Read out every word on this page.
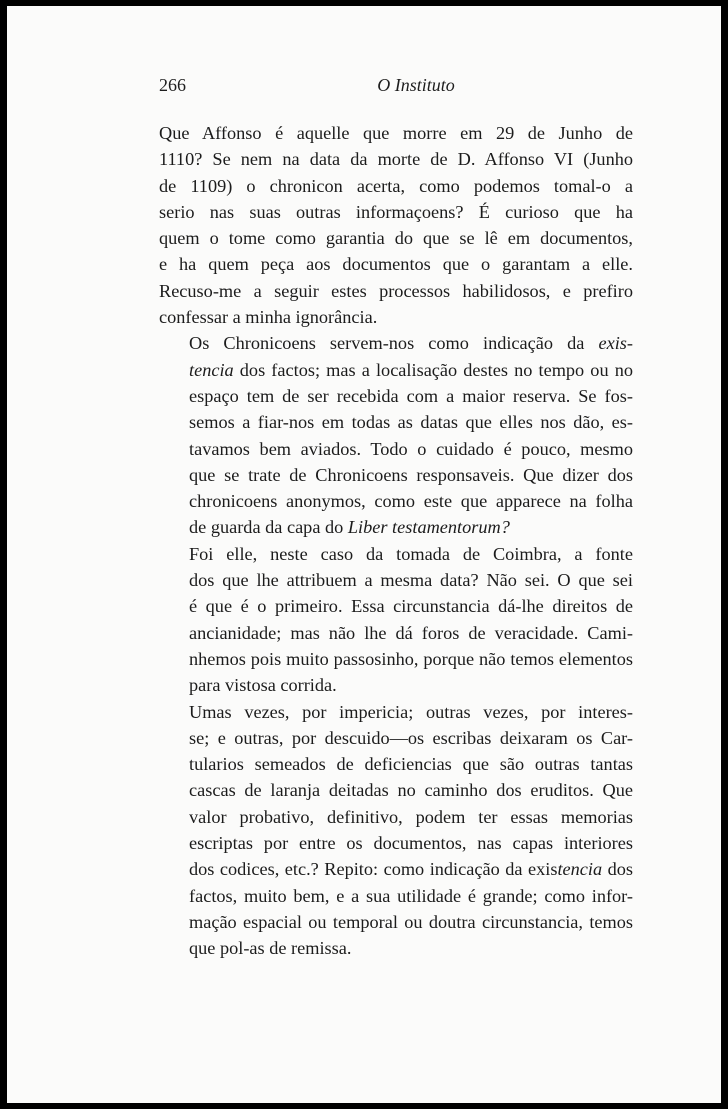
266	O Instituto

Que Affonso é aquelle que morre em 29 de Junho de
1110? Se nem na data da morte de D. Affonso VI (Junho
de 1109) o chronicon acerta, como podemos tomal-o a
serio nas suas outras informaçoens? É curioso que ha
quem o tome como garantia do que se lê em documentos,
e ha quem peça aos documentos que o garantam a elle.
Recuso-me a seguir estes processos habilidosos, e prefiro
confessar a minha ignorância.

Os Chronicoens servem-nos como indicação da exis-
tencia dos factos; mas a localisação destes no tempo ou no
espaço tem de ser recebida com a maior reserva. Se fos-
semos a fiar-nos em todas as datas que elles nos dão, es-
tavamos bem aviados. Todo o cuidado é pouco, mesmo
que se trate de Chronicoens responsaveis. Que dizer dos
chronicoens anonymos, como este que apparece na folha
de guarda da capa do Liber testamentorum?

Foi elle, neste caso da tomada de Coimbra, a fonte
dos que lhe attribuem a mesma data? Não sei. O que sei
é que é o primeiro. Essa circunstancia dá-lhe direitos de
ancianidade; mas não lhe dá foros de veracidade. Cami-
nhemos pois muito passosinho, porque não temos elementos
para vistosa corrida.

Umas vezes, por impericia; outras vezes, por interes-
se; e outras, por descuido—os escribas deixaram os Car-
tularios semeados de deficiencias que são outras tantas
cascas de laranja deitadas no caminho dos eruditos. Que
valor probativo, definitivo, podem ter essas memorias
escriptas por entre os documentos, nas capas interiores
dos codices, etc.? Repito: como indicação da existencia dos
factos, muito bem, e a sua utilidade é grande; como infor-
mação espacial ou temporal ou doutra circunstancia, temos
que pol-as de remissa.
